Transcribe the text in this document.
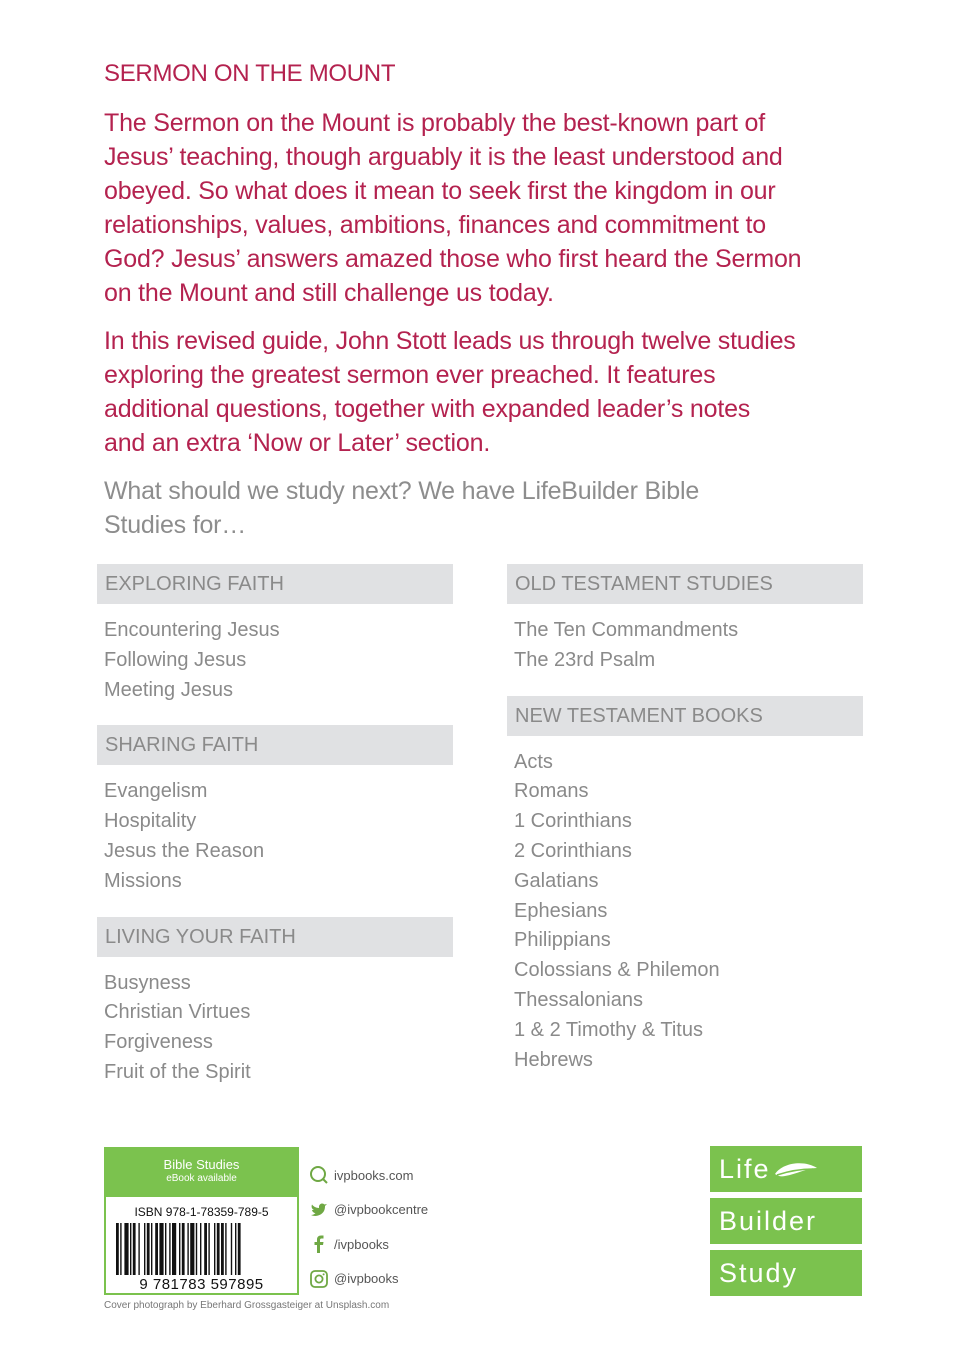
SERMON ON THE MOUNT
The Sermon on the Mount is probably the best-known part of
Jesus’ teaching, though arguably it is the least understood and
obeyed. So what does it mean to seek first the kingdom in our
relationships, values, ambitions, finances and commitment to
God? Jesus’ answers amazed those who first heard the Sermon
on the Mount and still challenge us today.
In this revised guide, John Stott leads us through twelve studies
exploring the greatest sermon ever preached. It features
additional questions, together with expanded leader’s notes
and an extra ‘Now or Later’ section.
What should we study next? We have LifeBuilder Bible
Studies for…
EXPLORING FAITH
Encountering Jesus
Following Jesus
Meeting Jesus
SHARING FAITH
Evangelism
Hospitality
Jesus the Reason
Missions
LIVING YOUR FAITH
Busyness
Christian Virtues
Forgiveness
Fruit of the Spirit
OLD TESTAMENT STUDIES
The Ten Commandments
The 23rd Psalm
NEW TESTAMENT BOOKS
Acts
Romans
1 Corinthians
2 Corinthians
Galatians
Ephesians
Philippians
Colossians & Philemon
Thessalonians
1 & 2 Timothy & Titus
Hebrews
Bible Studies
eBook available
ISBN 978-1-78359-789-5
9 781783 597895
ivpbooks.com
@ivpbookcentre
/ivpbooks
@ivpbooks
Cover photograph by Eberhard Grossgasteiger at Unsplash.com
Life
Builder
Study
